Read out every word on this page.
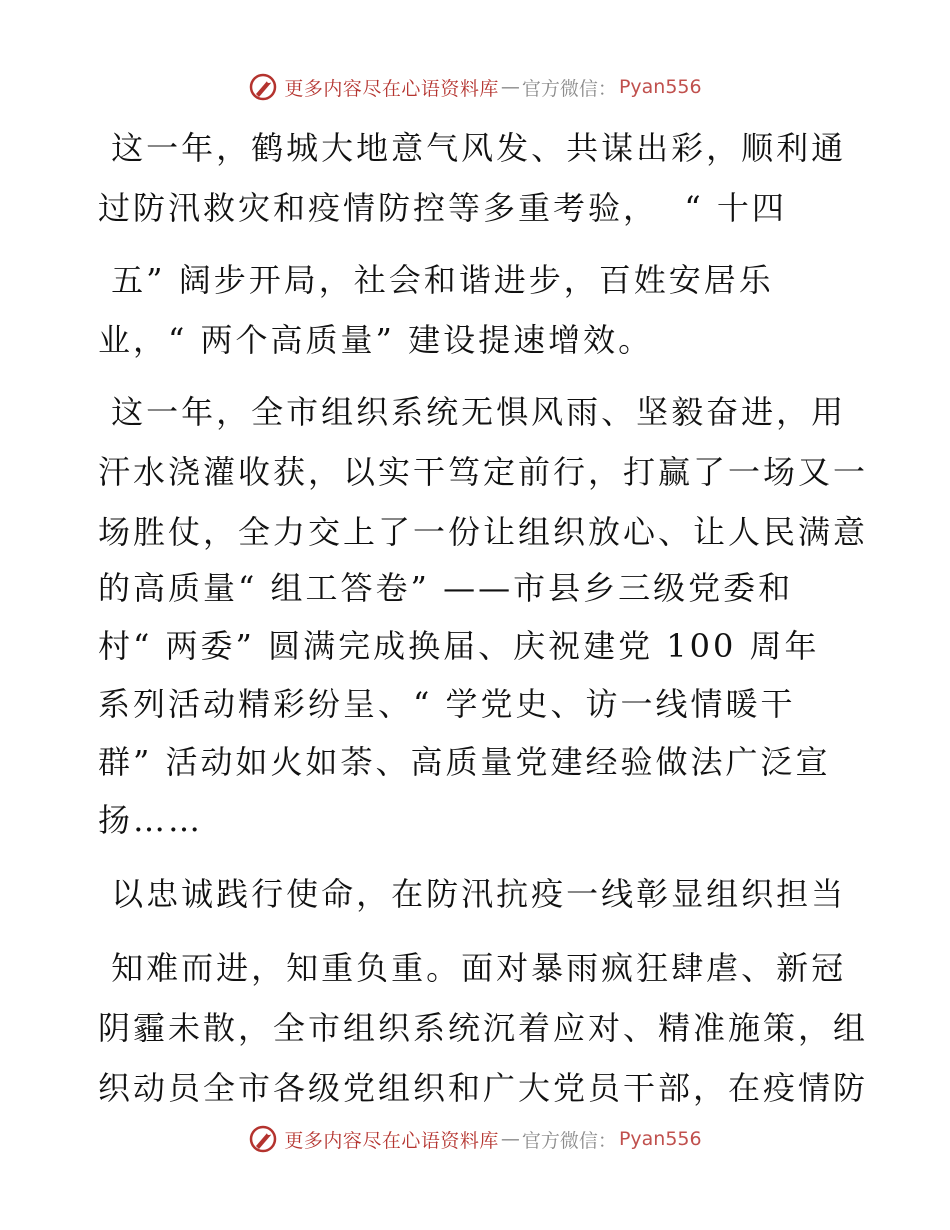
更多内容尽在心语资料库 — 官方微信： Pyan556
这一年，鹤城大地意气风发、共谋出彩，顺利通
过防汛救灾和疫情防控等多重考验，  “ 十四
五” 阔步开局，社会和谐进步，百姓安居乐
业，“ 两个高质量” 建设提速增效。
这一年，全市组织系统无惧风雨、坚毅奋进，用
汗水浇灌收获，以实干笃定前行，打赢了一场又一
场胜仗，全力交上了一份让组织放心、让人民满意
的高质量“ 组工答卷” ——市县乡三级党委和
村“ 两委” 圆满完成换届、庆祝建党 100 周年
系列活动精彩纷呈、“ 学党史、访一线情暖干
群” 活动如火如荼、高质量党建经验做法广泛宣
扬……
以忠诚践行使命，在防汛抗疫一线彰显组织担当
知难而进，知重负重。面对暴雨疯狂肆虐、新冠
阴霾未散，全市组织系统沉着应对、精准施策，组
织动员全市各级党组织和广大党员干部，在疫情防
更多内容尽在心语资料库 — 官方微信： Pyan556
